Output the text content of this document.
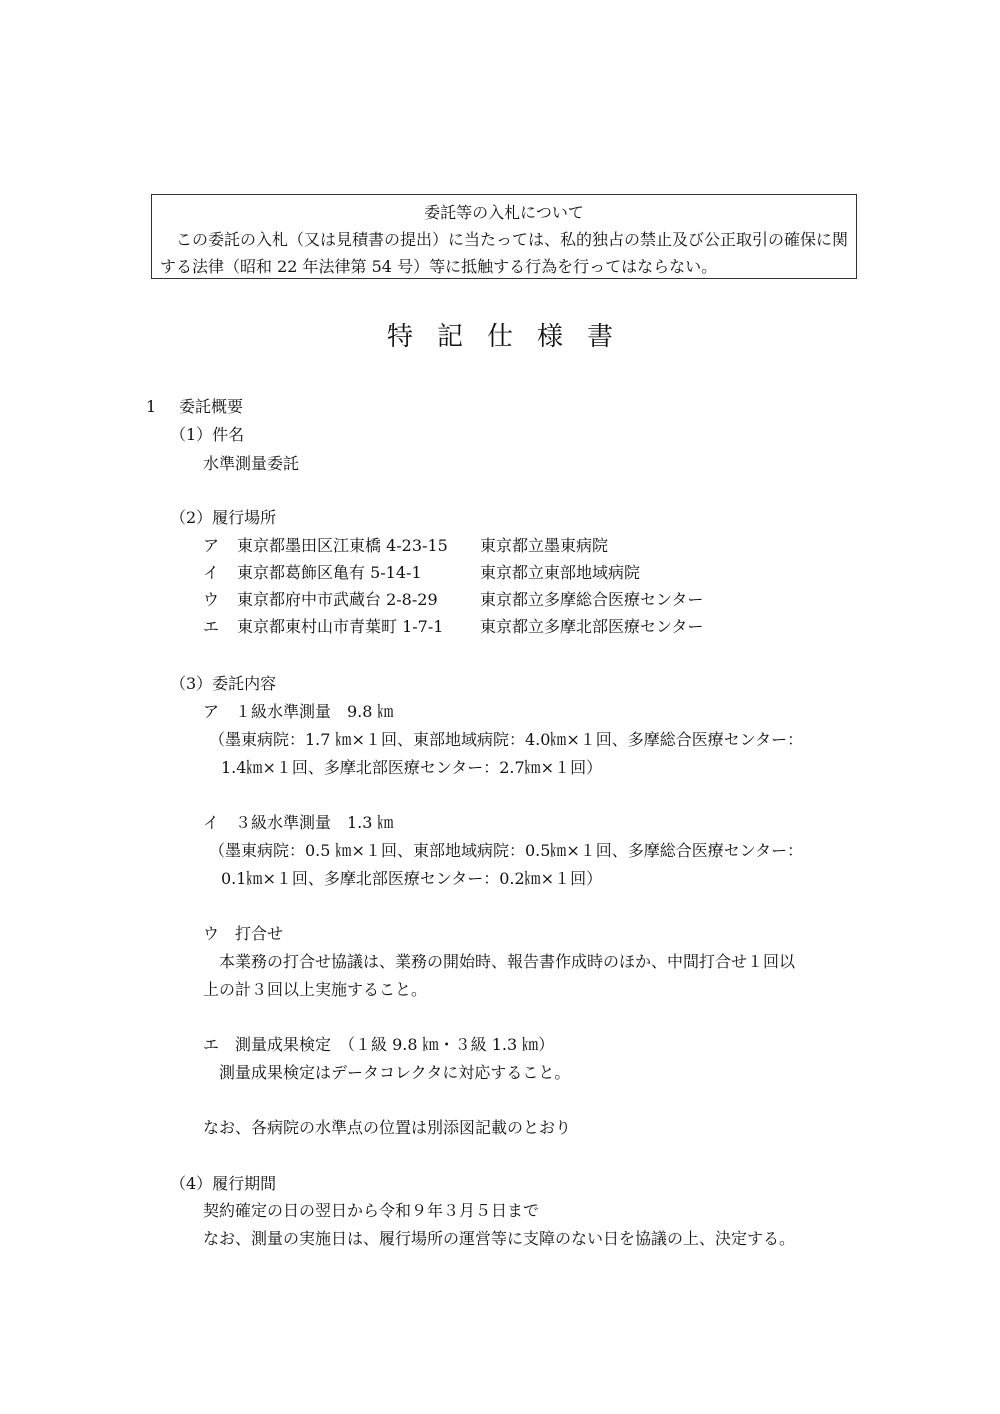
委託等の入札について
この委託の入札（又は見積書の提出）に当たっては、私的独占の禁止及び公正取引の確保に関する法律（昭和 22 年法律第 54 号）等に抵触する行為を行ってはならない。
特記仕様書
1 委託概要
（1）件名
水準測量委託
（2）履行場所
ア 東京都墨田区江東橋 4-23-15 東京都立墨東病院
イ 東京都葛飾区亀有 5-14-1	東京都立東部地域病院
ウ 東京都府中市武蔵台 2-8-29	東京都立多摩総合医療センター
エ 東京都東村山市青葉町 1-7-1 東京都立多摩北部医療センター
（3）委託内容
ア　１級水準測量　9.8 ㎞
（墨東病院：1.7 ㎞×１回、東部地域病院：4.0㎞×１回、多摩総合医療センター：
1.4㎞×１回、多摩北部医療センター：2.7㎞×１回）
イ　３級水準測量　1.3 ㎞
（墨東病院：0.5 ㎞×１回、東部地域病院：0.5㎞×１回、多摩総合医療センター：
0.1㎞×１回、多摩北部医療センター：0.2㎞×１回）
ウ　打合せ
本業務の打合せ協議は、業務の開始時、報告書作成時のほか、中間打合せ１回以
上の計３回以上実施すること。
エ　測量成果検定　（１級 9.8 ㎞・３級 1.3 ㎞）
測量成果検定はデータコレクタに対応すること。
なお、各病院の水準点の位置は別添図記載のとおり
（4）履行期間
契約確定の日の翌日から令和９年３月５日まで
なお、測量の実施日は、履行場所の運営等に支障のない日を協議の上、決定する。
